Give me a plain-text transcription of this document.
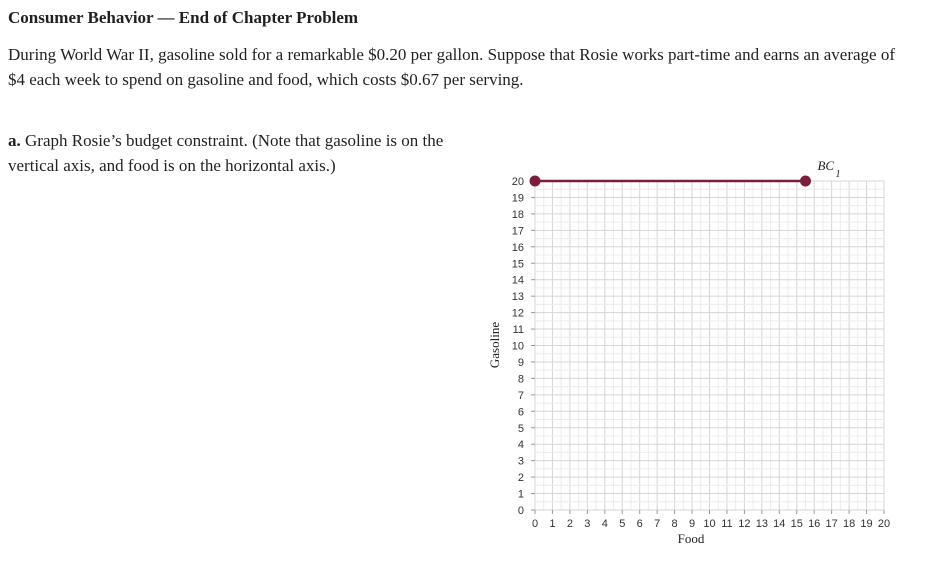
Consumer Behavior — End of Chapter Problem

During World War II, gasoline sold for a remarkable $0.20 per gallon. Suppose that Rosie works part-time and earns an average of $4 each week to spend on gasoline and food, which costs $0.67 per serving.

a. Graph Rosie’s budget constraint. (Note that gasoline is on the vertical axis, and food is on the horizontal axis.)

0
1
2
3
4
5
6
7
8
9
10
11
12
13
14
15
16
17
18
19
20
0 1 2 3 4 5 6 7 8 9 10 11 12 13 14 15 16 17 18 19 20
Gasoline
Food
BC
1
